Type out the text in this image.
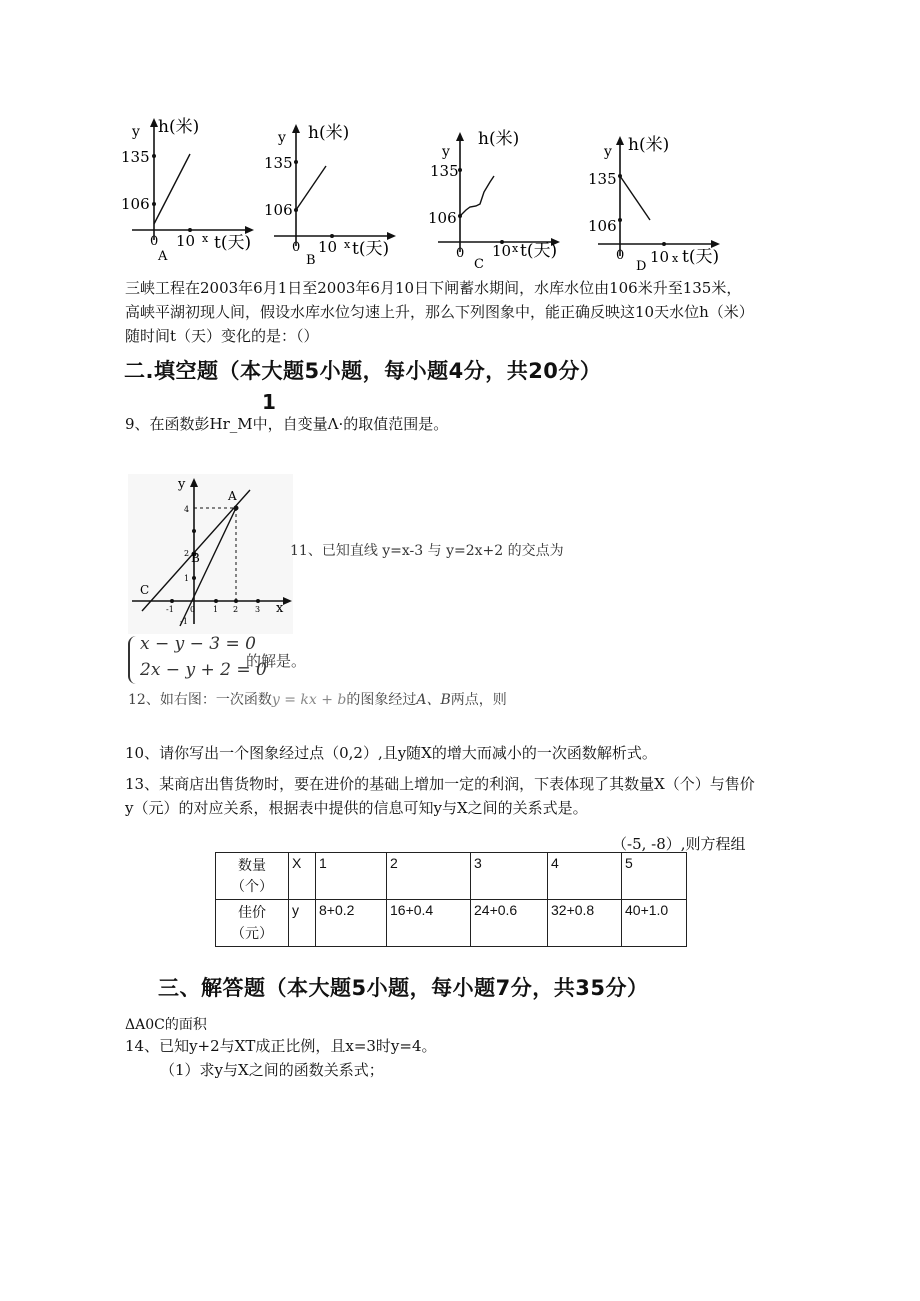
y h(米)
135
106
0 10 x t(天)
A
y h(米)
135
106
0 10 x t(天)
B
y
h(米)
135
106
0 10 x t(天)
C
y h(米)
135
106
0 10 x t(天)
D
三峡工程在2003年6月1日至2003年6月10日下闸蓄水期间，水库水位由106米升至135米，
高峡平湖初现人间，假设水库水位匀速上升，那么下列图象中，能正确反映这10天水位h（米）
随时间t（天）变化的是：（）
二.填空题（本大题5小题，每小题4分，共20分）
1
9、在函数彭Hr_M中，自变量Λ·的取值范围是。
y
x
A
B
C
4
2
1
-1
-1 0 1 2 3
11、已知直线 y=x-3 与 y=2x+2 的交点为
x − y − 3 = 0
2x − y + 2 = 0
的解是。
12、如右图：一次函数y = kx + b的图象经过A、B两点，则
10、请你写出一个图象经过点（0,2）,且y随X的增大而减小的一次函数解析式。
13、某商店出售货物时，要在进价的基础上增加一定的利润，下表体现了其数量X（个）与售价
y（元）的对应关系，根据表中提供的信息可知y与X之间的关系式是。
（-5, -8）,则方程组
数量
（个）	X	1	2	3	4	5

佳价
（元）	y	8+0.2	16+0.4	24+0.6	32+0.8	40+1.0
三、解答题（本大题5小题，每小题7分，共35分）
ΔA0C的面积
14、已知y+2与XT成正比例，且x=3时y=4。
（1）求y与X之间的函数关系式；
